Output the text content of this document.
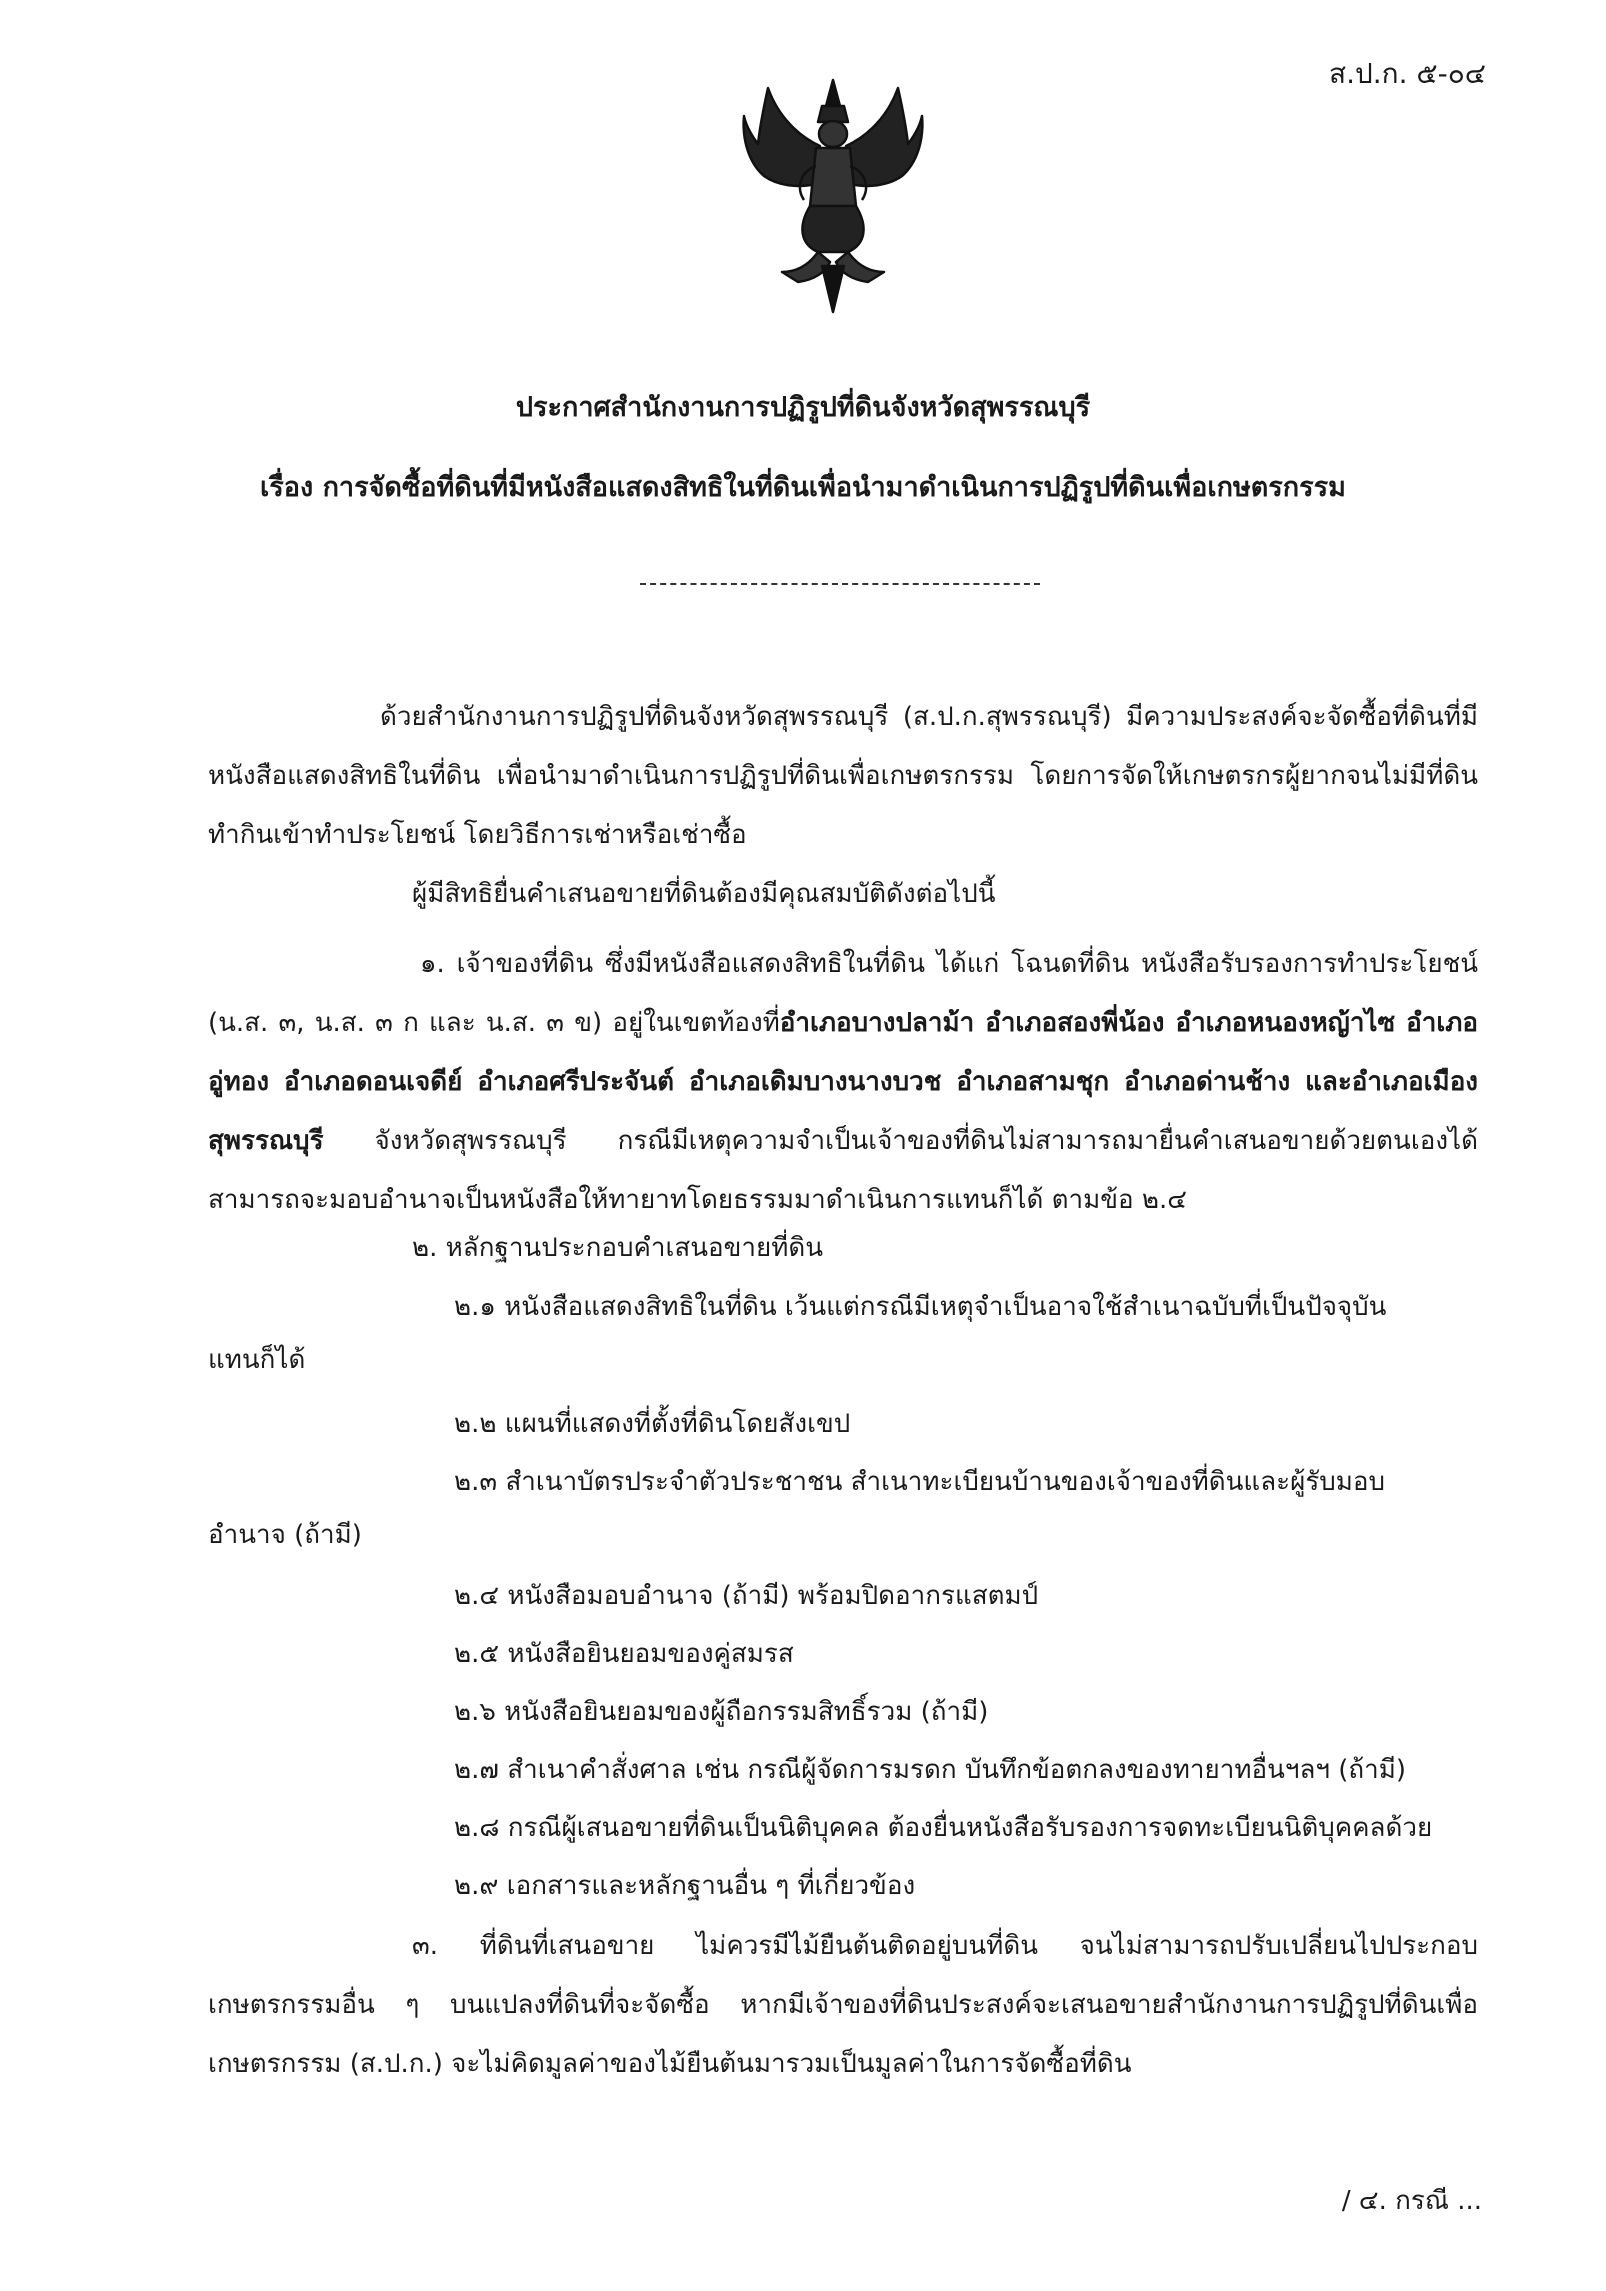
ส.ป.ก. ๕-๐๔
ประกาศสำนักงานการปฏิรูปที่ดินจังหวัดสุพรรณบุรี
เรื่อง การจัดซื้อที่ดินที่มีหนังสือแสดงสิทธิในที่ดินเพื่อนำมาดำเนินการปฏิรูปที่ดินเพื่อเกษตรกรรม

ด้วยสำนักงานการปฏิรูปที่ดินจังหวัดสุพรรณบุรี (ส.ป.ก.สุพรรณบุรี) มีความประสงค์จะจัดซื้อที่ดินที่มีหนังสือแสดงสิทธิในที่ดิน เพื่อนำมาดำเนินการปฏิรูปที่ดินเพื่อเกษตรกรรม โดยการจัดให้เกษตรกรผู้ยากจนไม่มีที่ดินทำกินเข้าทำประโยชน์ โดยวิธีการเช่าหรือเช่าซื้อ

ผู้มีสิทธิยื่นคำเสนอขายที่ดินต้องมีคุณสมบัติดังต่อไปนี้

๑. เจ้าของที่ดิน ซึ่งมีหนังสือแสดงสิทธิในที่ดิน ได้แก่ โฉนดที่ดิน หนังสือรับรองการทำประโยชน์ (น.ส. ๓, น.ส. ๓ ก และ น.ส. ๓ ข) อยู่ในเขตท้องที่อำเภอบางปลาม้า อำเภอสองพี่น้อง อำเภอหนองหญ้าไซ อำเภออู่ทอง อำเภอดอนเจดีย์ อำเภอศรีประจันต์ อำเภอเดิมบางนางบวช อำเภอสามชุก อำเภอด่านช้าง และอำเภอเมืองสุพรรณบุรี จังหวัดสุพรรณบุรี กรณีมีเหตุความจำเป็นเจ้าของที่ดินไม่สามารถมายื่นคำเสนอขายด้วยตนเองได้ สามารถจะมอบอำนาจเป็นหนังสือให้ทายาทโดยธรรมมาดำเนินการแทนก็ได้ ตามข้อ ๒.๔

๒. หลักฐานประกอบคำเสนอขายที่ดิน

๒.๑ หนังสือแสดงสิทธิในที่ดิน เว้นแต่กรณีมีเหตุจำเป็นอาจใช้สำเนาฉบับที่เป็นปัจจุบัน

แทนก็ได้

๒.๒ แผนที่แสดงที่ตั้งที่ดินโดยสังเขป

๒.๓ สำเนาบัตรประจำตัวประชาชน สำเนาทะเบียนบ้านของเจ้าของที่ดินและผู้รับมอบ

อำนาจ (ถ้ามี)

๒.๔ หนังสือมอบอำนาจ (ถ้ามี) พร้อมปิดอากรแสตมป์

๒.๕ หนังสือยินยอมของคู่สมรส

๒.๖ หนังสือยินยอมของผู้ถือกรรมสิทธิ์รวม (ถ้ามี)

๒.๗ สำเนาคำสั่งศาล เช่น กรณีผู้จัดการมรดก บันทึกข้อตกลงของทายาทอื่นฯลฯ (ถ้ามี)

๒.๘ กรณีผู้เสนอขายที่ดินเป็นนิติบุคคล ต้องยื่นหนังสือรับรองการจดทะเบียนนิติบุคคลด้วย

๒.๙ เอกสารและหลักฐานอื่น ๆ ที่เกี่ยวข้อง

๓. ที่ดินที่เสนอขาย ไม่ควรมีไม้ยืนต้นติดอยู่บนที่ดิน จนไม่สามารถปรับเปลี่ยนไปประกอบเกษตรกรรมอื่น ๆ บนแปลงที่ดินที่จะจัดซื้อ หากมีเจ้าของที่ดินประสงค์จะเสนอขายสำนักงานการปฏิรูปที่ดินเพื่อเกษตรกรรม (ส.ป.ก.) จะไม่คิดมูลค่าของไม้ยืนต้นมารวมเป็นมูลค่าในการจัดซื้อที่ดิน

/ ๔. กรณี ...
